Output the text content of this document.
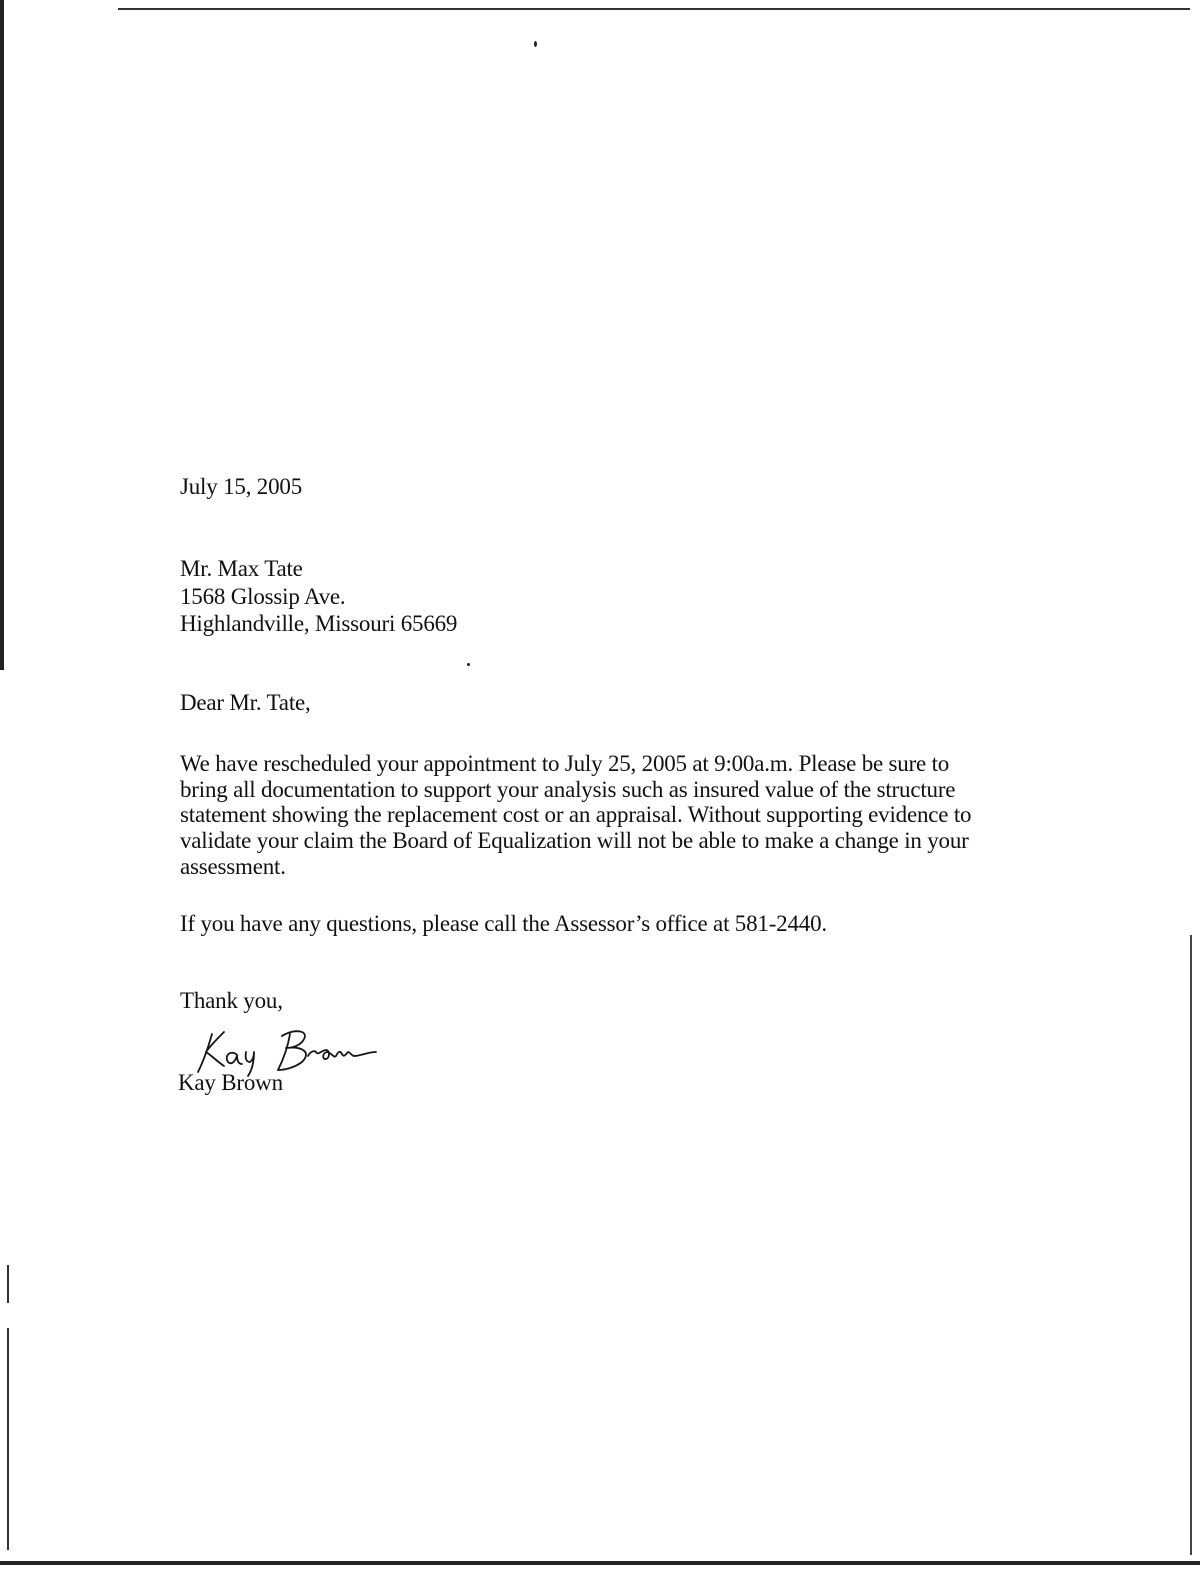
July 15, 2005
Mr. Max Tate
1568 Glossip Ave.
Highlandville, Missouri 65669
Dear Mr. Tate,
We have rescheduled your appointment to July 25, 2005 at 9:00a.m. Please be sure to
bring all documentation to support your analysis such as insured value of the structure
statement showing the replacement cost or an appraisal. Without supporting evidence to
validate your claim the Board of Equalization will not be able to make a change in your
assessment.
If you have any questions, please call the Assessor’s office at 581-2440.
Thank you,
Kay Brown
